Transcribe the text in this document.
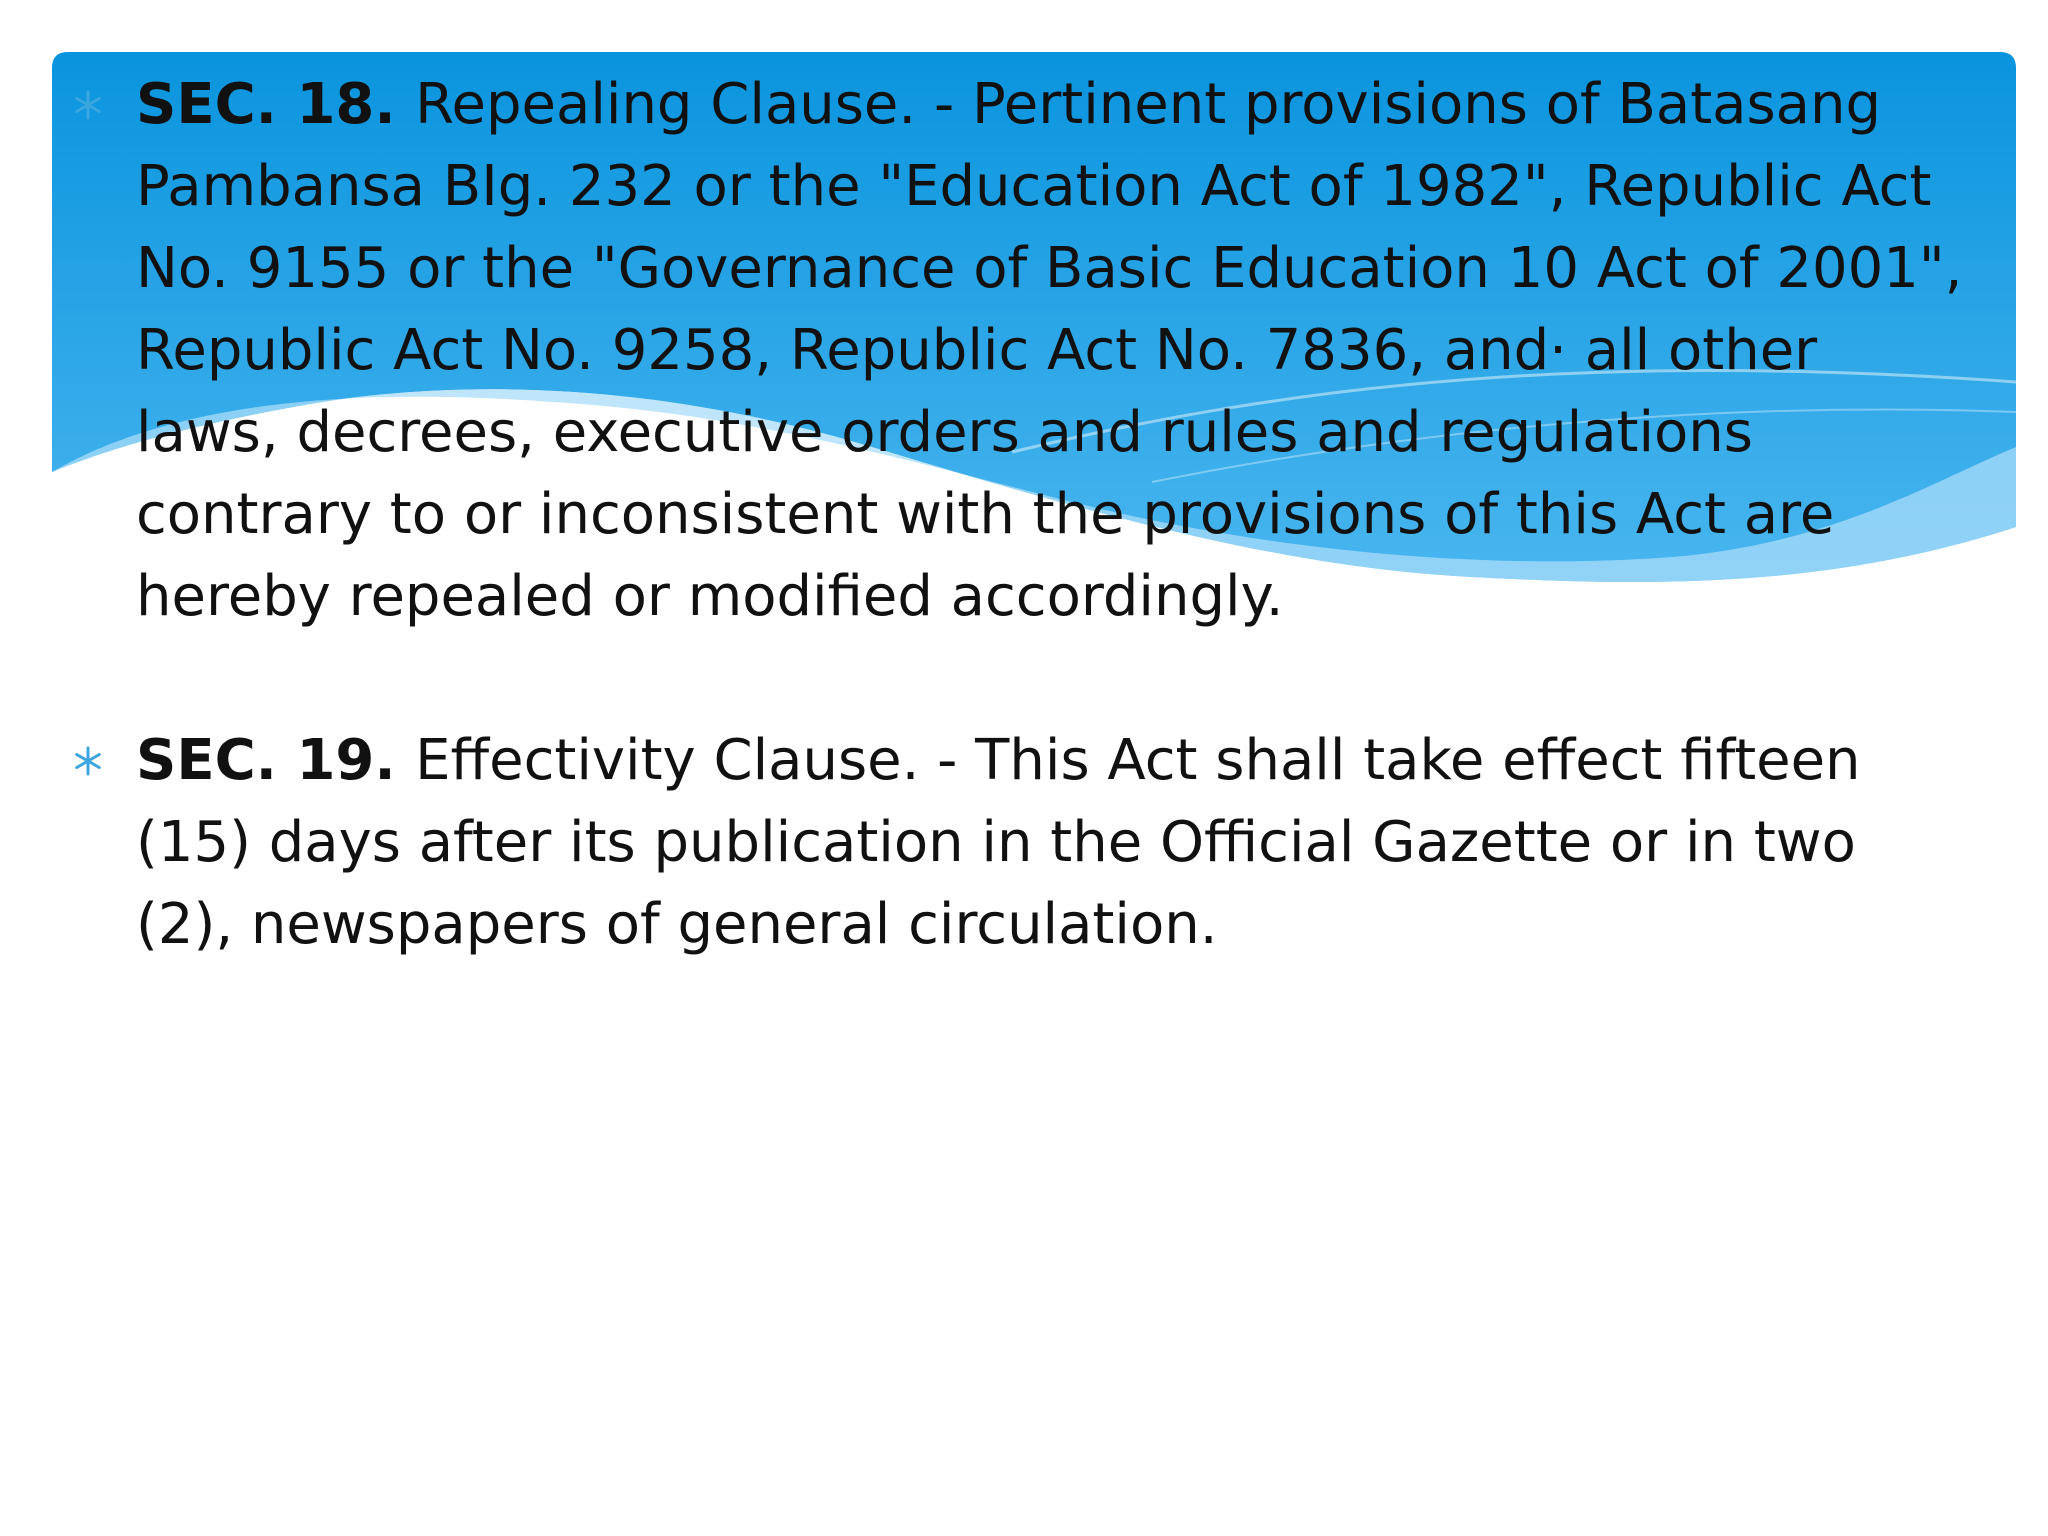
SEC. 18. Repealing Clause. - Pertinent provisions of Batasang Pambansa BIg. 232 or the "Education Act of 1982", Republic Act No. 9155 or the "Governance of Basic Education 10 Act of 2001", Republic Act No. 9258, Republic Act No. 7836, and· all other laws, decrees, executive orders and rules and regulations contrary to or inconsistent with the provisions of this Act are hereby repealed or modified accordingly.
SEC. 19. Effectivity Clause. - This Act shall take effect fifteen (15) days after its publication in the Official Gazette or in two (2), newspapers of general circulation.
